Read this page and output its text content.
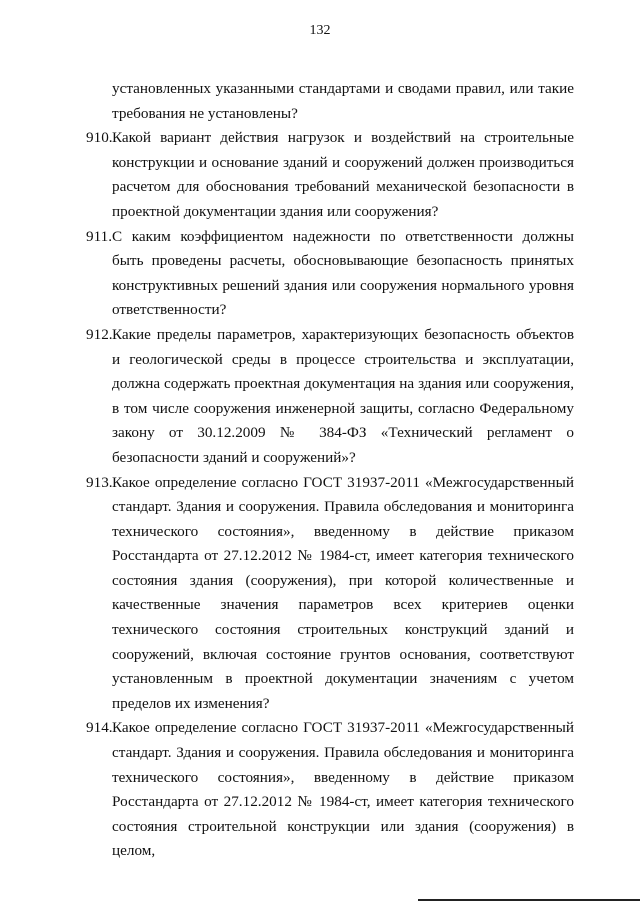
132

установленных указанными стандартами и сводами правил, или такие требования не установлены?

910.Какой вариант действия нагрузок и воздействий на строительные конструкции и основание зданий и сооружений должен производиться расчетом для обоснования требований механической безопасности в проектной документации здания или сооружения?

911.С каким коэффициентом надежности по ответственности должны быть проведены расчеты, обосновывающие безопасность принятых конструктивных решений здания или сооружения нормального уровня ответственности?

912.Какие пределы параметров, характеризующих безопасность объектов и геологической среды в процессе строительства и эксплуатации, должна содержать проектная документация на здания или сооружения, в том числе сооружения инженерной защиты, согласно Федеральному закону от 30.12.2009 № 384-ФЗ «Технический регламент о безопасности зданий и сооружений»?

913.Какое определение согласно ГОСТ 31937-2011 «Межгосударственный стандарт. Здания и сооружения. Правила обследования и мониторинга технического состояния», введенному в действие приказом Росстандарта от 27.12.2012 № 1984-ст, имеет категория технического состояния здания (сооружения), при которой количественные и качественные значения параметров всех критериев оценки технического состояния строительных конструкций зданий и сооружений, включая состояние грунтов основания, соответствуют установленным в проектной документации значениям с учетом пределов их изменения?

914.Какое определение согласно ГОСТ 31937-2011 «Межгосударственный стандарт. Здания и сооружения. Правила обследования и мониторинга технического состояния», введенному в действие приказом Росстандарта от 27.12.2012 № 1984-ст, имеет категория технического состояния строительной конструкции или здания (сооружения) в целом,
